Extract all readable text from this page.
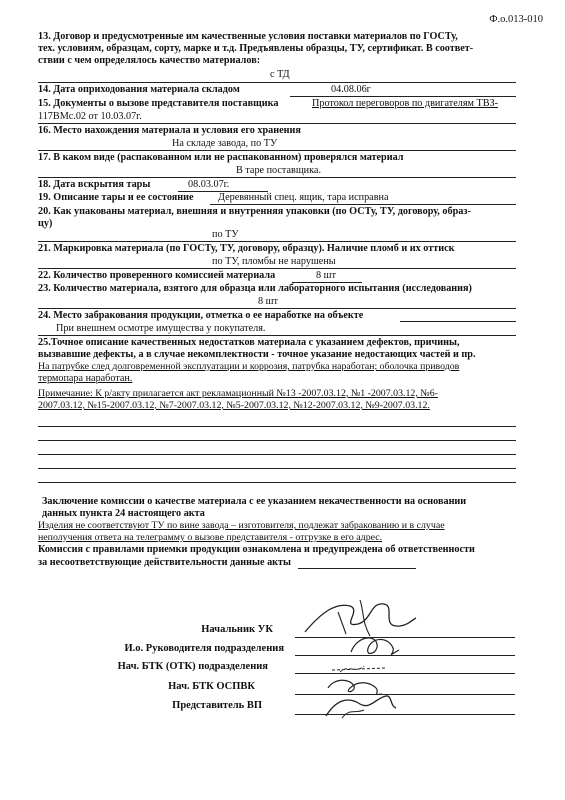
Ф.о.013-010
13. Договор и предусмотренные им качественные условия поставки материалов по ГОСТу,
тех. условиям, образцам, сорту, марке и т.д. Предъявлены образцы, ТУ, сертификат. В соответ-
ствии с чем определялось качество материалов:
с ТД
14. Дата оприходования материала складом	04.08.06г
15. Документы о вызове представителя поставщика	Протокол переговоров по двигателям ТВЗ-
117ВМс.02 от 10.03.07г.
16. Место нахождения материала и условия его хранения
На складе завода, по ТУ
17. В каком виде (распакованном или не распакованном) проверялся материал
В таре поставщика.
18. Дата вскрытия тары	08.03.07г.
19. Описание тары и ее состояние Деревянный спец. ящик, тара исправна
20. Как упакованы материал, внешняя и внутренняя упаковки (по ОСТу, ТУ, договору, образ-
цу)
по ТУ
21. Маркировка материала (по ГОСТу, ТУ, договору, образцу). Наличие пломб и их оттиск
по ТУ, пломбы не нарушены
22. Количество проверенного комиссией материала	8 шт
23. Количество материала, взятого для образца или лабораторного испытания (исследования)
8 шт
24. Место забракования продукции, отметка о ее наработке на объекте
При внешнем осмотре имущества у покупателя.
25.Точное описание качественных недостатков материала с указанием дефектов, причины,
вызвавшие дефекты, а в случае некомплектности - точное указание недостающих частей и пр.
На патрубке след долговременной эксплуатации и коррозия, патрубка наработан; оболочка приводов
термопара наработан.
Примечание: К р/акту прилагается акт рекламационный №13 -2007.03.12, №1 -2007.03.12, №6-
2007.03.12, №15-2007.03.12, №7-2007.03.12, №5-2007.03.12, №12-2007.03.12, №9-2007.03.12.
Заключение комиссии о качестве материала с ее указанием некачественности на основании
данных пункта 24 настоящего акта
Изделия не соответствуют ТУ по вине завода – изготовителя, подлежат забракованию и в случае
неполучения ответа на телеграмму о вызове представителя - отгрузке в его адрес.
Комиссия с правилами приемки продукции ознакомлена и предупреждена об ответственности
за несоответствующие действительности данные акты
Начальник УК
И.о. Руководителя подразделения
Нач. БТК (ОТК) подразделения
Нач. БТК ОСПВК
Представитель ВП
